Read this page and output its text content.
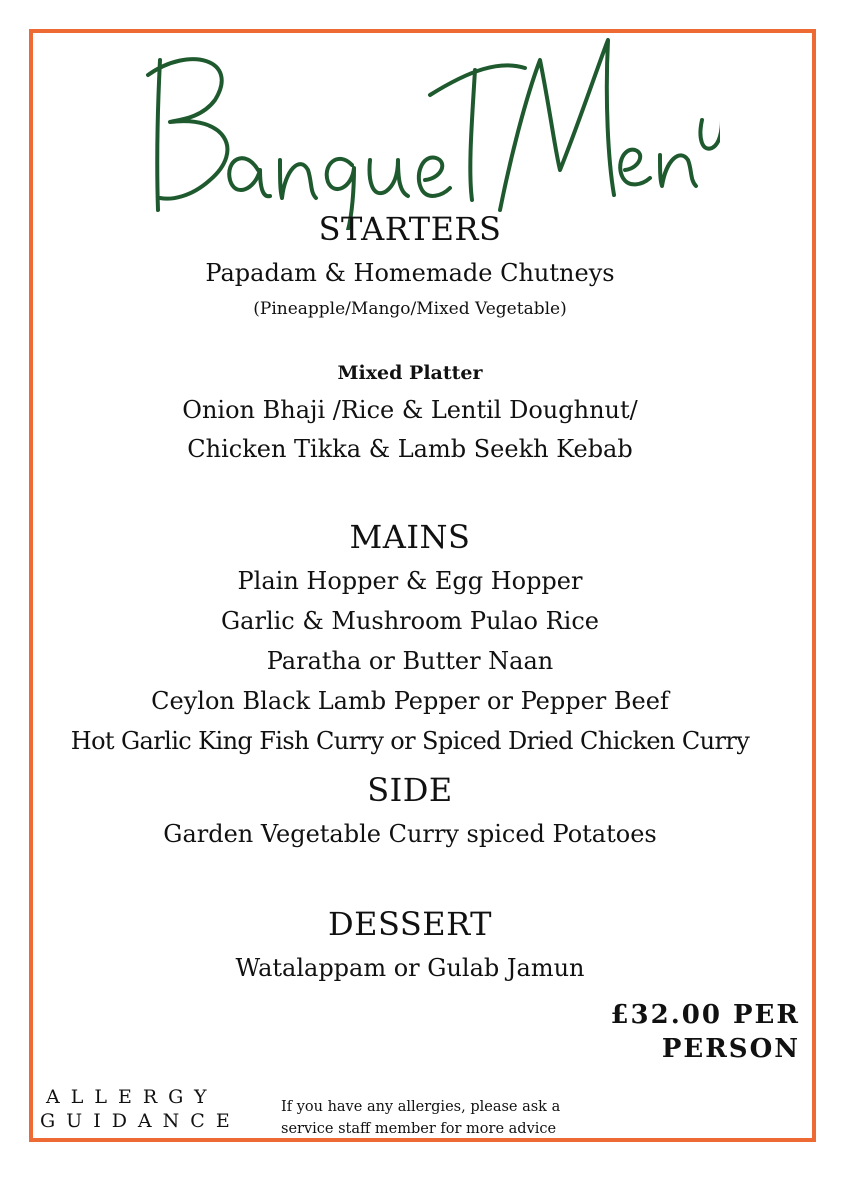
STARTERS
Papadam & Homemade Chutneys
(Pineapple/Mango/Mixed Vegetable)
Mixed Platter
Onion Bhaji /Rice & Lentil Doughnut/
Chicken Tikka & Lamb Seekh Kebab
MAINS
Plain Hopper & Egg Hopper
Garlic & Mushroom Pulao Rice
Paratha or Butter Naan
Ceylon Black Lamb Pepper or Pepper Beef
Hot Garlic King Fish Curry or Spiced Dried Chicken Curry
SIDE
Garden Vegetable Curry spiced Potatoes
DESSERT
Watalappam or Gulab Jamun
£32.00 PER
PERSON
ALLERGY
GUIDANCE
If you have any allergies, please ask a
service staff member for more advice
